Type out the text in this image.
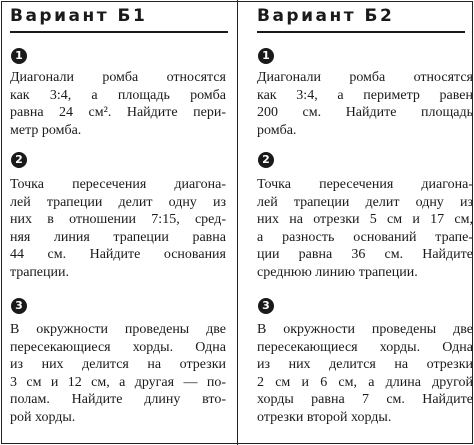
Вариант Б1
1
Диагонали ромба относятся
как 3:4, а площадь ромба
равна 24 см². Найдите пери-
метр ромба.
2
Точка пересечения диагона-
лей трапеции делит одну из
них в отношении 7:15, сред-
няя линия трапеции равна
44 см. Найдите основания
трапеции.
3
В окружности проведены две
пересекающиеся хорды. Одна
из них делится на отрезки
3 см и 12 см, а другая — по-
полам. Найдите длину вто-
рой хорды.
Вариант Б2
1
Диагонали ромба относятся
как 3:4, а периметр равен
200 см. Найдите площадь
ромба.
2
Точка пересечения диагона-
лей трапеции делит одну из
них на отрезки 5 см и 17 см,
а разность оснований трапе-
ции равна 36 см. Найдите
среднюю линию трапеции.
3
В окружности проведены две
пересекающиеся хорды. Одна
из них делится на отрезки
2 см и 6 см, а длина другой
хорды равна 7 см. Найдите
отрезки второй хорды.
